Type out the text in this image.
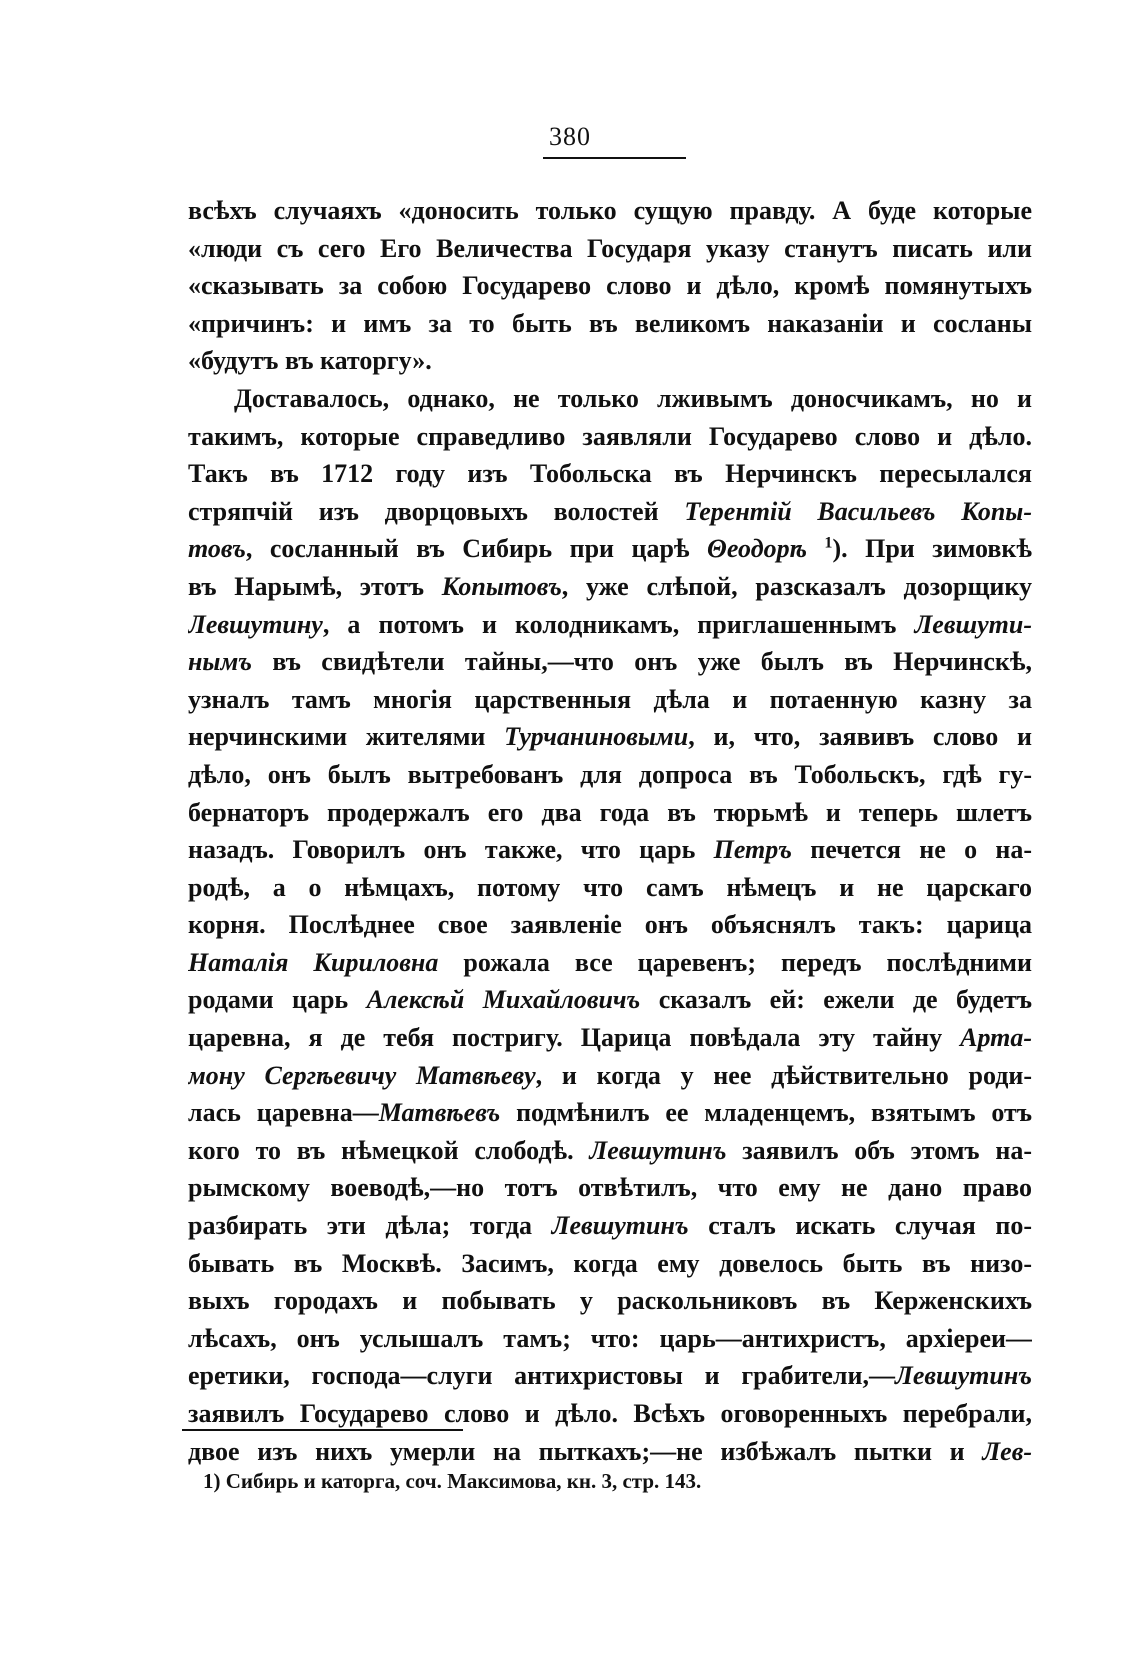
380
всѣхъ случаяхъ «доносить только сущую правду. А буде которые
«люди съ сего Его Величества Государя указу станутъ писать или
«сказывать за собою Государево слово и дѣло, кромѣ помянутыхъ
«причинъ: и имъ за то быть въ великомъ наказаніи и сосланы
«будутъ въ каторгу».
Доставалось, однако, не только лживымъ доносчикамъ, но и
такимъ, которые справедливо заявляли Государево слово и дѣло.
Такъ въ 1712 году изъ Тобольска въ Нерчинскъ пересылался
стряпчій изъ дворцовыхъ волостей Терентій Васильевъ Копы-
товъ, сосланный въ Сибирь при царѣ Θеодорѣ $^1$). При зимовкѣ
въ Нарымѣ, этотъ Копытовъ, уже слѣпой, разсказалъ дозорщику
Левшутину, а потомъ и колодникамъ, приглашеннымъ Левшути-
нымъ въ свидѣтели тайны,—что онъ уже былъ въ Нерчинскѣ,
узналъ тамъ многія царственныя дѣла и потаенную казну за
нерчинскими жителями Турчаниновыми, и, что, заявивъ слово и
дѣло, онъ былъ вытребованъ для допроса въ Тобольскъ, гдѣ гу-
бернаторъ продержалъ его два года въ тюрьмѣ и теперь шлетъ
назадъ. Говорилъ онъ также, что царь Петръ печется не о на-
родѣ, а о нѣмцахъ, потому что самъ нѣмецъ и не царскаго
корня. Послѣднее свое заявленіе онъ объяснялъ такъ: царица
Наталія Кириловна рожала все царевенъ; передъ послѣдними
родами царь Алексѣй Михайловичъ сказалъ ей: ежели де будетъ
царевна, я де тебя постригу. Царица повѣдала эту тайну Арта-
мону Сергѣевичу Матвѣеву, и когда у нее дѣйствительно роди-
лась царевна—Матвѣевъ подмѣнилъ ее младенцемъ, взятымъ отъ
кого то въ нѣмецкой слободѣ. Левшутинъ заявилъ объ этомъ на-
рымскому воеводѣ,—но тотъ отвѣтилъ, что ему не дано право
разбирать эти дѣла; тогда Левшутинъ сталъ искать случая по-
бывать въ Москвѣ. Засимъ, когда ему довелось быть въ низо-
выхъ городахъ и побывать у раскольниковъ въ Керженскихъ
лѣсахъ, онъ услышалъ тамъ; что: царь—антихристъ, архіереи—
еретики, господа—слуги антихристовы и грабители,—Левшутинъ
заявилъ Государево слово и дѣло. Всѣхъ оговоренныхъ перебрали,
двое изъ нихъ умерли на пыткахъ;—не избѣжалъ пытки и Лев-
1) Сибирь и каторга, соч. Максимова, кн. 3, стр. 143.
